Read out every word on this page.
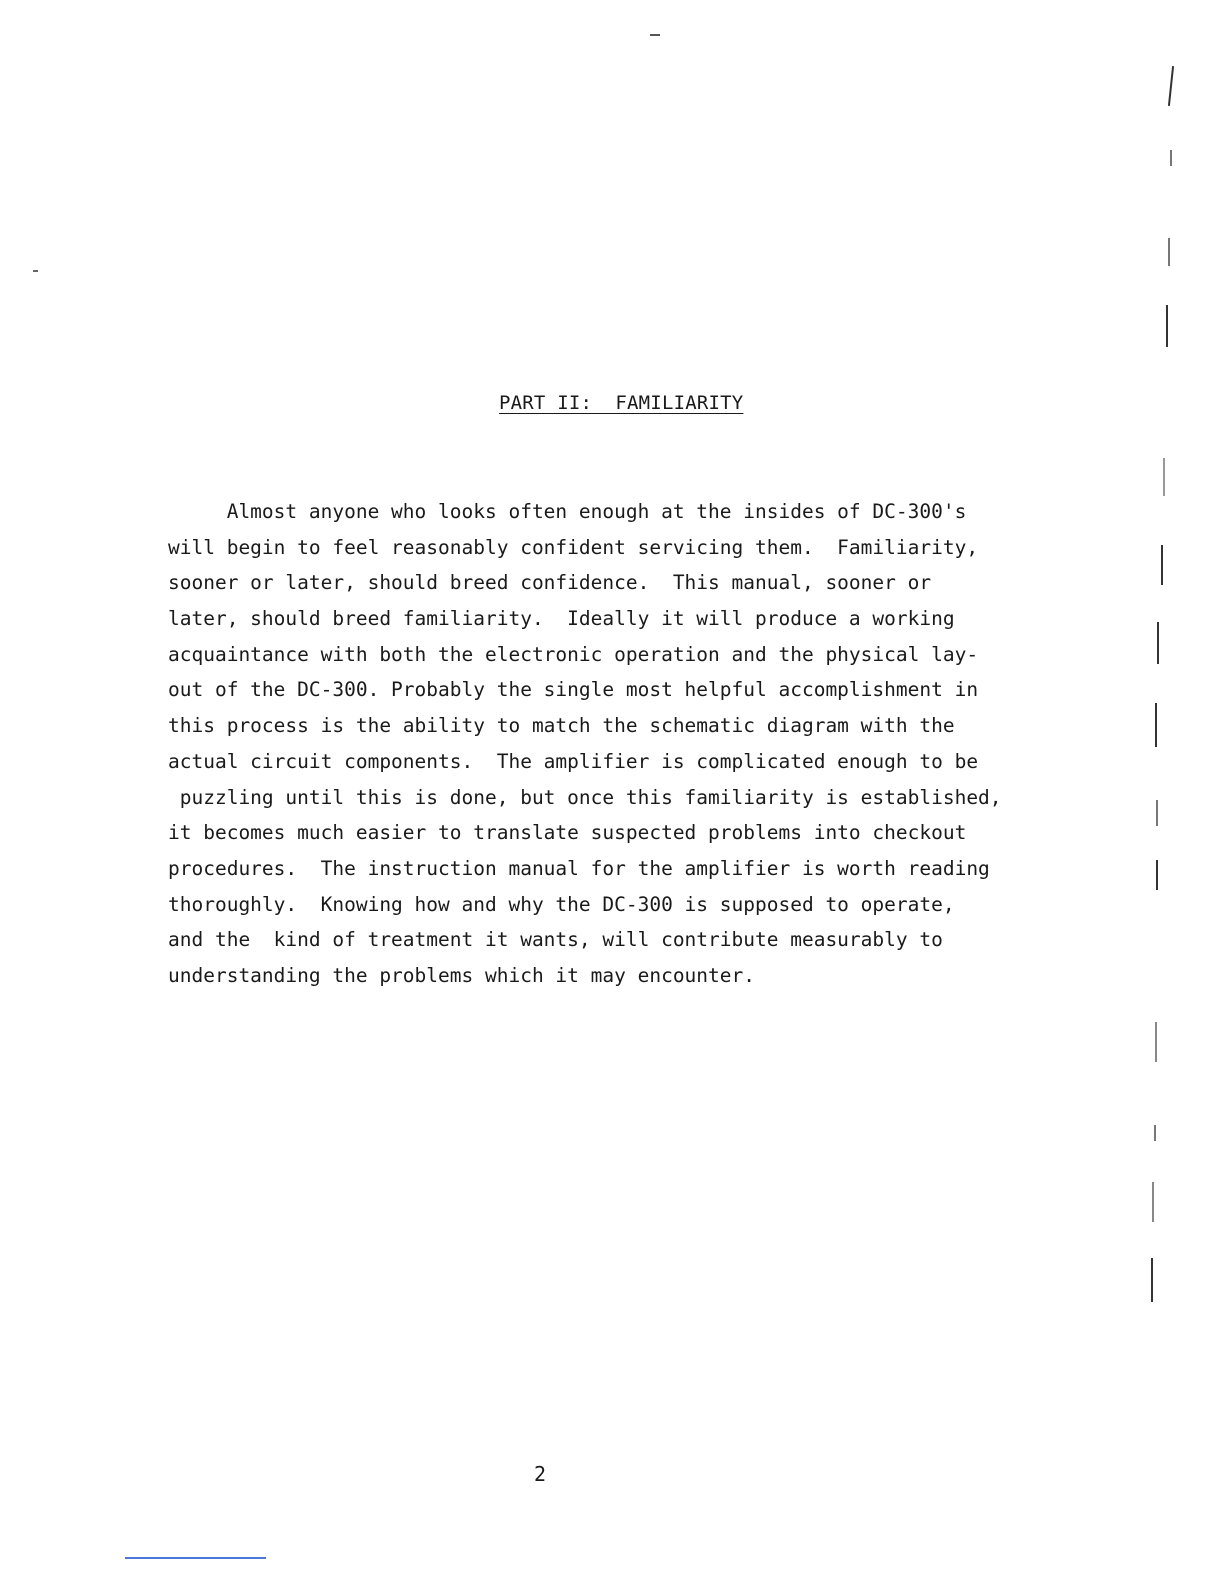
PART II:  FAMILIARITY
Almost anyone who looks often enough at the insides of DC-300's
will begin to feel reasonably confident servicing them.  Familiarity,
sooner or later, should breed confidence.  This manual, sooner or
later, should breed familiarity.  Ideally it will produce a working
acquaintance with both the electronic operation and the physical lay-
out of the DC-300. Probably the single most helpful accomplishment in
this process is the ability to match the schematic diagram with the
actual circuit components.  The amplifier is complicated enough to be
puzzling until this is done, but once this familiarity is established,
it becomes much easier to translate suspected problems into checkout
procedures.  The instruction manual for the amplifier is worth reading
thoroughly.  Knowing how and why the DC-300 is supposed to operate,
and the  kind of treatment it wants, will contribute measurably to
understanding the problems which it may encounter.
2
